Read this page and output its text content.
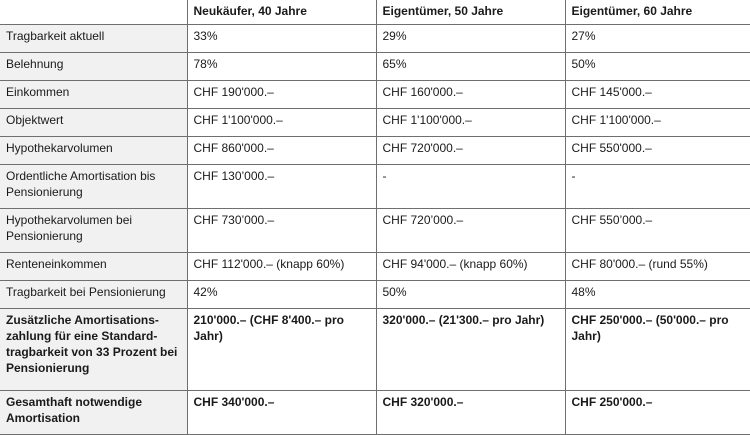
	Neukäufer, 40 Jahre	Eigentümer, 50 Jahre	Eigentümer, 60 Jahre
Tragbarkeit aktuell	33%	29%	27%
Belehnung	78%	65%	50%
Einkommen	CHF 190'000.–	CHF 160'000.–	CHF 145'000.–
Objektwert	CHF 1'100'000.–	CHF 1'100'000.–	CHF 1'100'000.–
Hypothekarvolumen	CHF 860'000.–	CHF 720'000.–	CHF 550'000.–
Ordentliche Amortisation bis Pensionierung	CHF 130’000.–	-	-
Hypothekarvolumen bei Pensionierung	CHF 730’000.–	CHF 720’000.–	CHF 550’000.–
Renteneinkommen	CHF 112'000.– (knapp 60%)	CHF 94'000.– (knapp 60%)	CHF 80'000.– (rund 55%)
Tragbarkeit bei Pensionierung	42%	50%	48%
Zusätzliche Amortisations-zahlung für eine Standard-tragbarkeit von 33 Prozent bei Pensionierung	210'000.– (CHF 8'400.– pro Jahr)	320'000.– (21'300.– pro Jahr)	CHF 250'000.– (50'000.– pro Jahr)
Gesamthaft notwendige Amortisation	CHF 340'000.–	CHF 320'000.–	CHF 250'000.–
